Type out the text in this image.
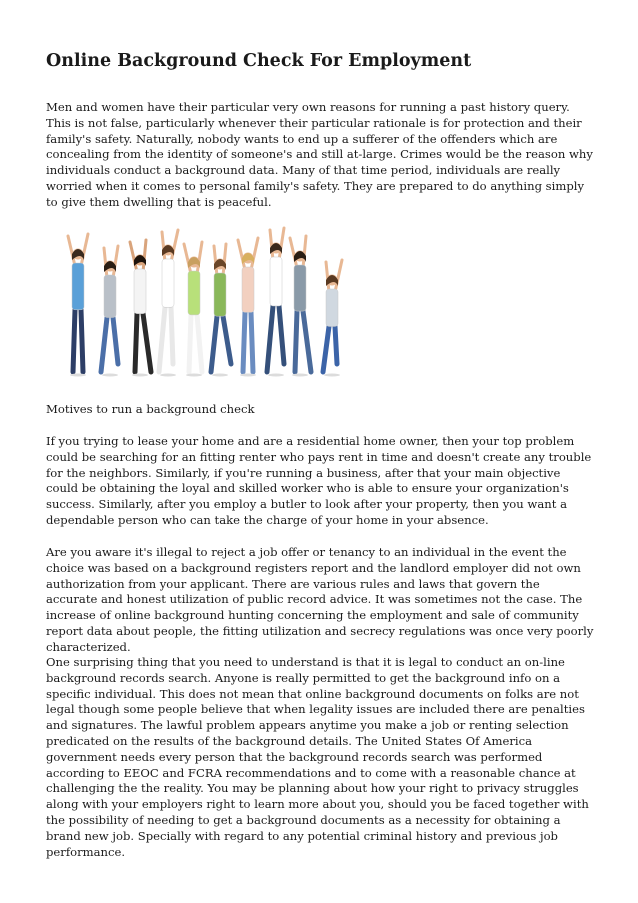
Online Background Check For Employment

Men and women have their particular very own reasons for running a past history query. This is not false, particularly whenever their particular rationale is for protection and their family's safety. Naturally, nobody wants to end up a sufferer of the offenders which are concealing from the identity of someone's and still at-large. Crimes would be the reason why individuals conduct a background data. Many of that time period, individuals are really worried when it comes to personal family's safety. They are prepared to do anything simply to give them dwelling that is peaceful.

Motives to run a background check

If you trying to lease your home and are a residential home owner, then your top problem could be searching for an fitting renter who pays rent in time and doesn't create any trouble for the neighbors. Similarly, if you're running a business, after that your main objective could be obtaining the loyal and skilled worker who is able to ensure your organization's success. Similarly, after you employ a butler to look after your property, then you want a dependable person who can take the charge of your home in your absence.

Are you aware it's illegal to reject a job offer or tenancy to an individual in the event the choice was based on a background registers report and the landlord employer did not own authorization from your applicant. There are various rules and laws that govern the accurate and honest utilization of public record advice. It was sometimes not the case. The increase of online background hunting concerning the employment and sale of community report data about people, the fitting utilization and secrecy regulations was once very poorly characterized.

One surprising thing that you need to understand is that it is legal to conduct an on-line background records search. Anyone is really permitted to get the background info on a specific individual. This does not mean that online background documents on folks are not legal though some people believe that when legality issues are included there are penalties and signatures. The lawful problem appears anytime you make a job or renting selection predicated on the results of the background details. The United States Of America government needs every person that the background records search was performed according to EEOC and FCRA recommendations and to come with a reasonable chance at challenging the the reality. You may be planning about how your right to privacy struggles along with your employers right to learn more about you, should you be faced together with the possibility of needing to get a background documents as a necessity for obtaining a brand new job. Specially with regard to any potential criminal history and previous job performance.
